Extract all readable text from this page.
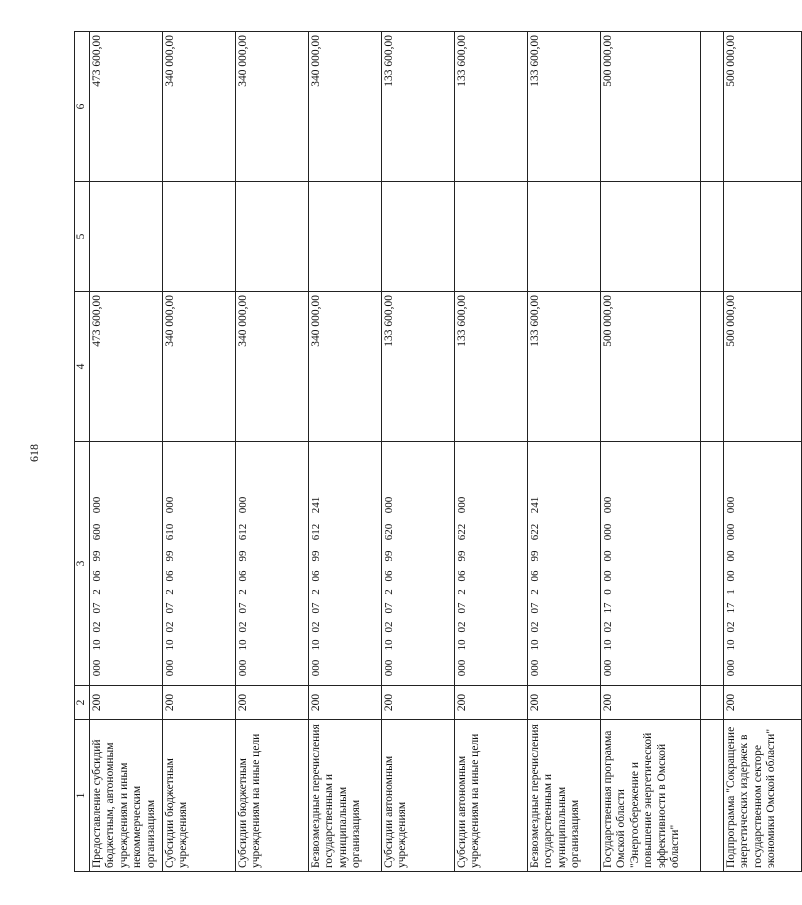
618
1	2	3	4	5	6
Предоставление субсидий бюджетным, автономным учреждениям и иным некоммерческим организациям	200	00010020720699600000	473 600,00		473 600,00
Субсидии бюджетным учреждениям	200	00010020720699610000	340 000,00		340 000,00
Субсидии бюджетным учреждениям на иные цели	200	00010020720699612000	340 000,00		340 000,00
Безвозмездные перечисления государственным и муниципальным организациям	200	00010020720699612241	340 000,00		340 000,00
Субсидии автономным учреждениям	200	00010020720699620000	133 600,00		133 600,00
Субсидии автономным учреждениям на иные цели	200	00010020720699622000	133 600,00		133 600,00
Безвозмездные перечисления государственным и муниципальным организациям	200	00010020720699622241	133 600,00		133 600,00
Государственная программа Омской области "Энергосбережение и повышение энергетической эффективности в Омской области"	200	00010021700000000000	500 000,00		500 000,00

Подпрограмма "Сокращение энергетических издержек в государственном секторе экономики Омской области"	200	00010021710000000000	500 000,00		500 000,00
